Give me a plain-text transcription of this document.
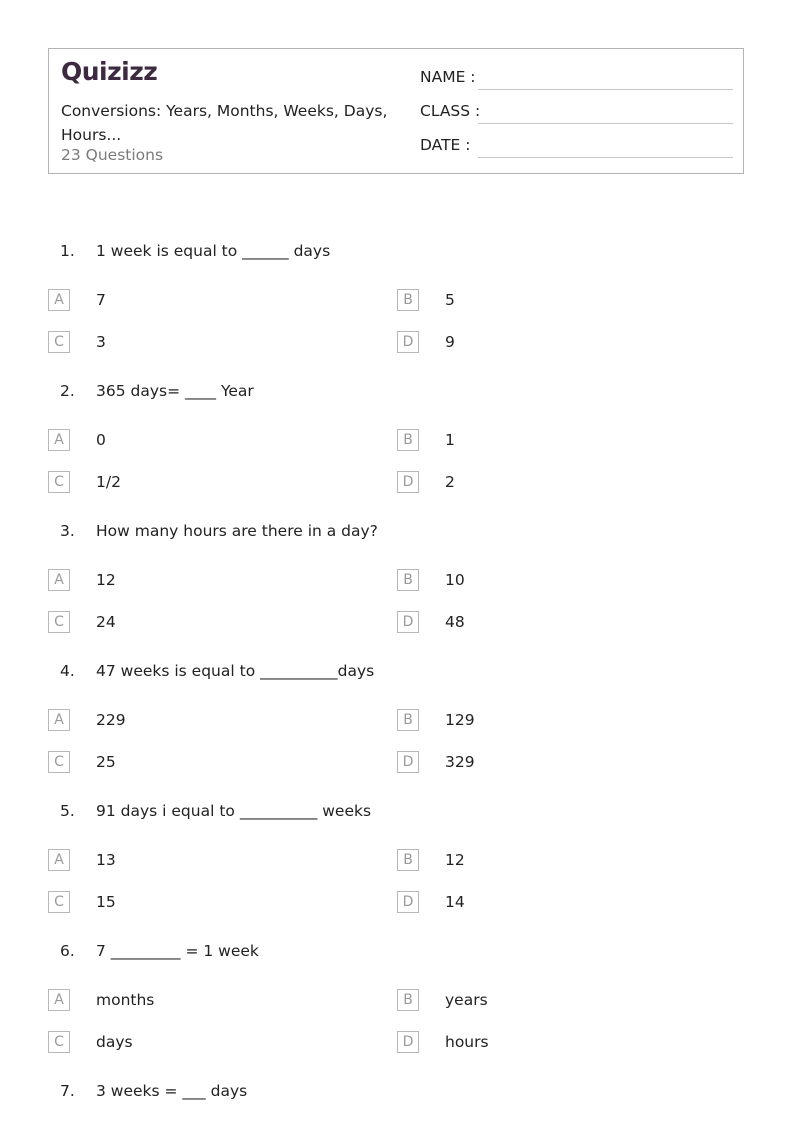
Quizizz
Conversions: Years, Months, Weeks, Days, Hours...
23 Questions
NAME :
CLASS :
DATE :
1. 1 week is equal to ______ days
A	7	B	5
C	3	D	9
2. 365 days= ____ Year
A	0	B	1
C	1/2	D	2
3. How many hours are there in a day?
A	12	B	10
C	24	D	48
4. 47 weeks is equal to __________days
A	229	B	129
C	25	D	329
5. 91 days i equal to __________ weeks
A	13	B	12
C	15	D	14
6. 7 _________ = 1 week
A	months	B	years
C	days	D	hours
7. 3 weeks = ___ days
